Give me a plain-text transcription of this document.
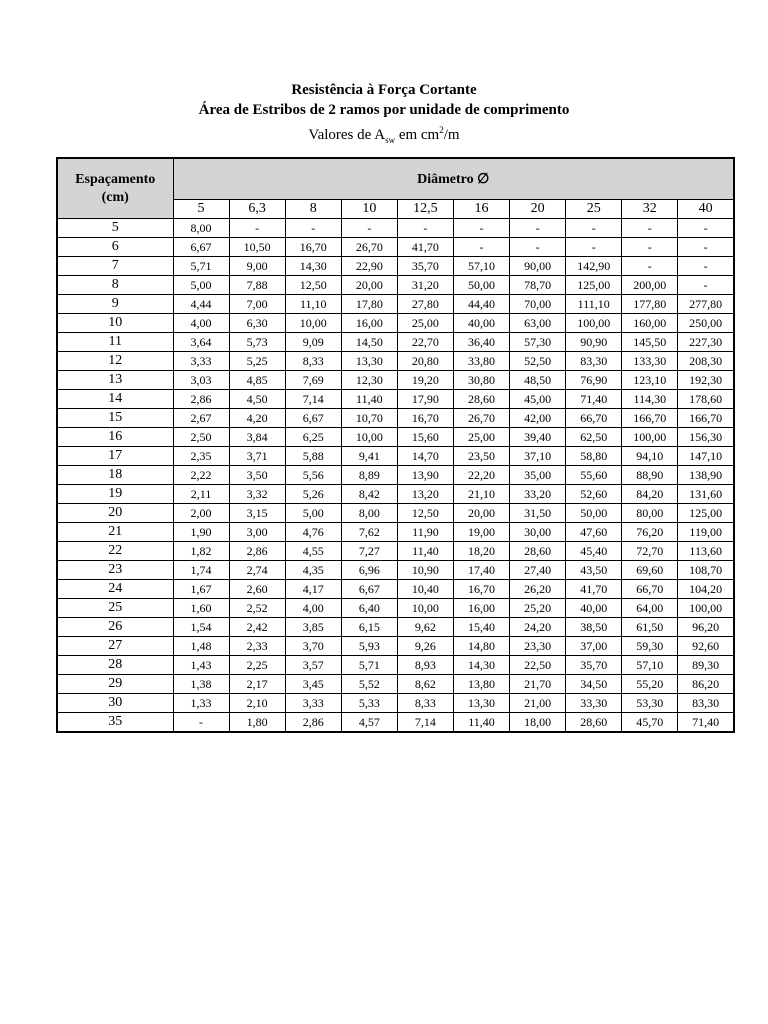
Resistência à Força Cortante
Área de Estribos de 2 ramos por unidade de comprimento
Valores de $A_{sw}$ em $cm^2/m$
Espaçamento
(cm)	Diâmetro ∅									
	5	6,3	8	10	12,5	16	20	25	32	40
5	8,00	-	-	-	-	-	-	-	-	-
6	6,67	10,50	16,70	26,70	41,70	-	-	-	-	-
7	5,71	9,00	14,30	22,90	35,70	57,10	90,00	142,90	-	-
8	5,00	7,88	12,50	20,00	31,20	50,00	78,70	125,00	200,00	-
9	4,44	7,00	11,10	17,80	27,80	44,40	70,00	111,10	177,80	277,80
10	4,00	6,30	10,00	16,00	25,00	40,00	63,00	100,00	160,00	250,00
11	3,64	5,73	9,09	14,50	22,70	36,40	57,30	90,90	145,50	227,30
12	3,33	5,25	8,33	13,30	20,80	33,80	52,50	83,30	133,30	208,30
13	3,03	4,85	7,69	12,30	19,20	30,80	48,50	76,90	123,10	192,30
14	2,86	4,50	7,14	11,40	17,90	28,60	45,00	71,40	114,30	178,60
15	2,67	4,20	6,67	10,70	16,70	26,70	42,00	66,70	166,70	166,70
16	2,50	3,84	6,25	10,00	15,60	25,00	39,40	62,50	100,00	156,30
17	2,35	3,71	5,88	9,41	14,70	23,50	37,10	58,80	94,10	147,10
18	2,22	3,50	5,56	8,89	13,90	22,20	35,00	55,60	88,90	138,90
19	2,11	3,32	5,26	8,42	13,20	21,10	33,20	52,60	84,20	131,60
20	2,00	3,15	5,00	8,00	12,50	20,00	31,50	50,00	80,00	125,00
21	1,90	3,00	4,76	7,62	11,90	19,00	30,00	47,60	76,20	119,00
22	1,82	2,86	4,55	7,27	11,40	18,20	28,60	45,40	72,70	113,60
23	1,74	2,74	4,35	6,96	10,90	17,40	27,40	43,50	69,60	108,70
24	1,67	2,60	4,17	6,67	10,40	16,70	26,20	41,70	66,70	104,20
25	1,60	2,52	4,00	6,40	10,00	16,00	25,20	40,00	64,00	100,00
26	1,54	2,42	3,85	6,15	9,62	15,40	24,20	38,50	61,50	96,20
27	1,48	2,33	3,70	5,93	9,26	14,80	23,30	37,00	59,30	92,60
28	1,43	2,25	3,57	5,71	8,93	14,30	22,50	35,70	57,10	89,30
29	1,38	2,17	3,45	5,52	8,62	13,80	21,70	34,50	55,20	86,20
30	1,33	2,10	3,33	5,33	8,33	13,30	21,00	33,30	53,30	83,30
35	-	1,80	2,86	4,57	7,14	11,40	18,00	28,60	45,70	71,40
